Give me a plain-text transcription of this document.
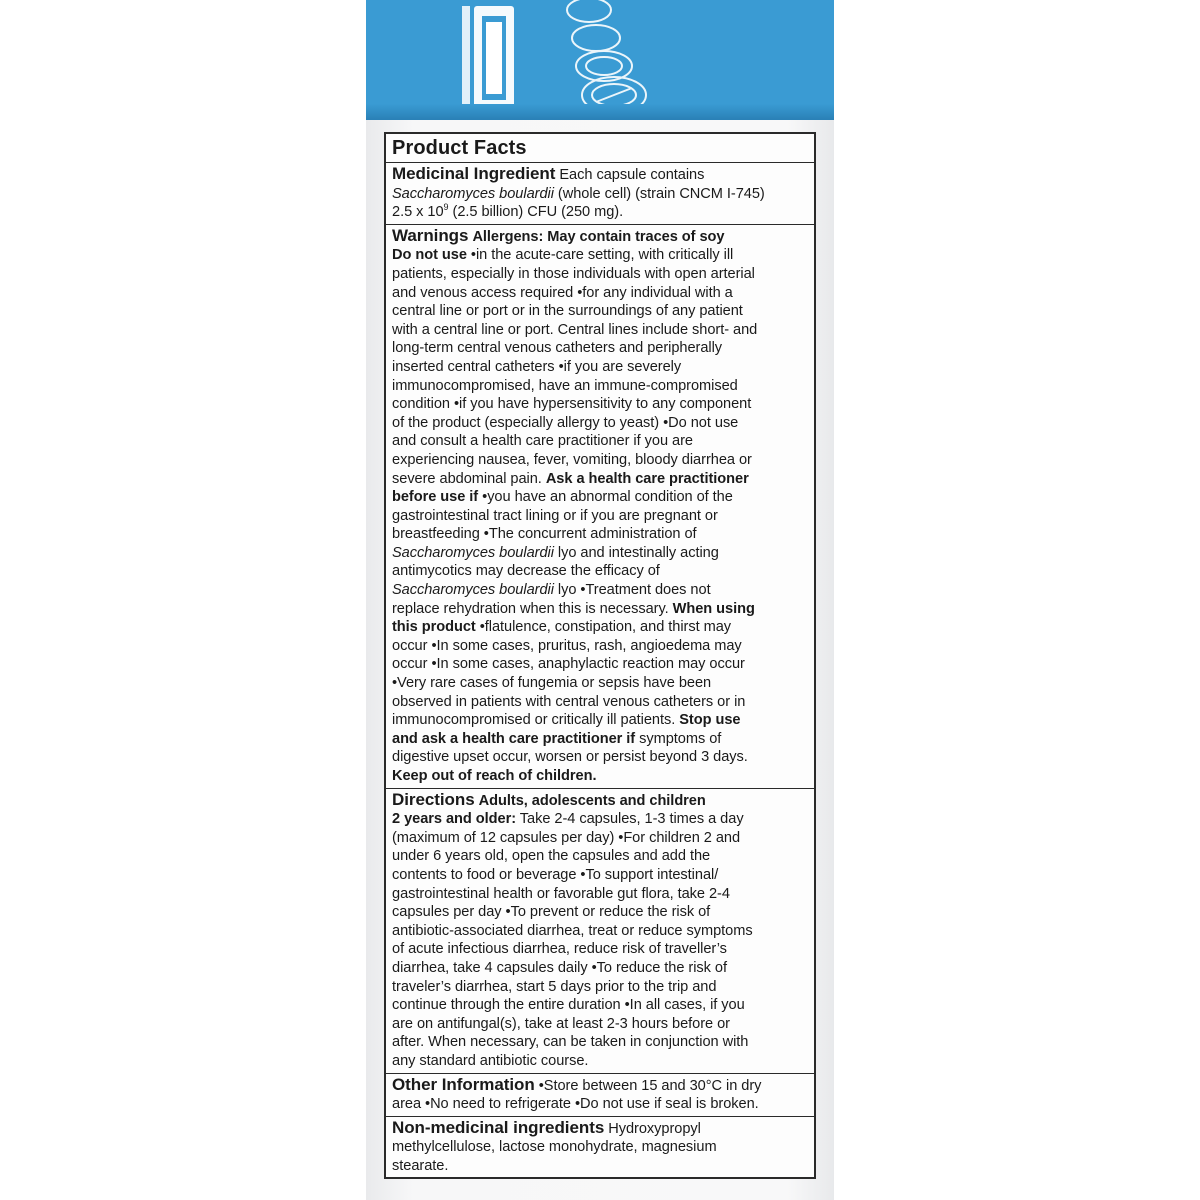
Product Facts
Medicinal Ingredient Each capsule contains
Saccharomyces boulardii (whole cell) (strain CNCM I-745)
2.5 x $10^9$ (2.5 billion) CFU (250 mg).
Warnings Allergens: May contain traces of soy
Do not use •in the acute-care setting, with critically ill
patients, especially in those individuals with open arterial
and venous access required •for any individual with a
central line or port or in the surroundings of any patient
with a central line or port. Central lines include short- and
long-term central venous catheters and peripherally
inserted central catheters •if you are severely
immunocompromised, have an immune-compromised
condition •if you have hypersensitivity to any component
of the product (especially allergy to yeast) •Do not use
and consult a health care practitioner if you are
experiencing nausea, fever, vomiting, bloody diarrhea or
severe abdominal pain. Ask a health care practitioner
before use if •you have an abnormal condition of the
gastrointestinal tract lining or if you are pregnant or
breastfeeding •The concurrent administration of
Saccharomyces boulardii lyo and intestinally acting
antimycotics may decrease the efficacy of
Saccharomyces boulardii lyo •Treatment does not
replace rehydration when this is necessary. When using
this product •flatulence, constipation, and thirst may
occur •In some cases, pruritus, rash, angioedema may
occur •In some cases, anaphylactic reaction may occur
•Very rare cases of fungemia or sepsis have been
observed in patients with central venous catheters or in
immunocompromised or critically ill patients. Stop use
and ask a health care practitioner if symptoms of
digestive upset occur, worsen or persist beyond 3 days.
Keep out of reach of children.
Directions Adults, adolescents and children
2 years and older: Take 2-4 capsules, 1-3 times a day
(maximum of 12 capsules per day) •For children 2 and
under 6 years old, open the capsules and add the
contents to food or beverage •To support intestinal/
gastrointestinal health or favorable gut flora, take 2-4
capsules per day •To prevent or reduce the risk of
antibiotic-associated diarrhea, treat or reduce symptoms
of acute infectious diarrhea, reduce risk of traveller’s
diarrhea, take 4 capsules daily •To reduce the risk of
traveler’s diarrhea, start 5 days prior to the trip and
continue through the entire duration •In all cases, if you
are on antifungal(s), take at least 2-3 hours before or
after. When necessary, can be taken in conjunction with
any standard antibiotic course.
Other Information •Store between 15 and 30°C in dry
area •No need to refrigerate •Do not use if seal is broken.
Non-medicinal ingredients Hydroxypropyl
methylcellulose, lactose monohydrate, magnesium
stearate.
